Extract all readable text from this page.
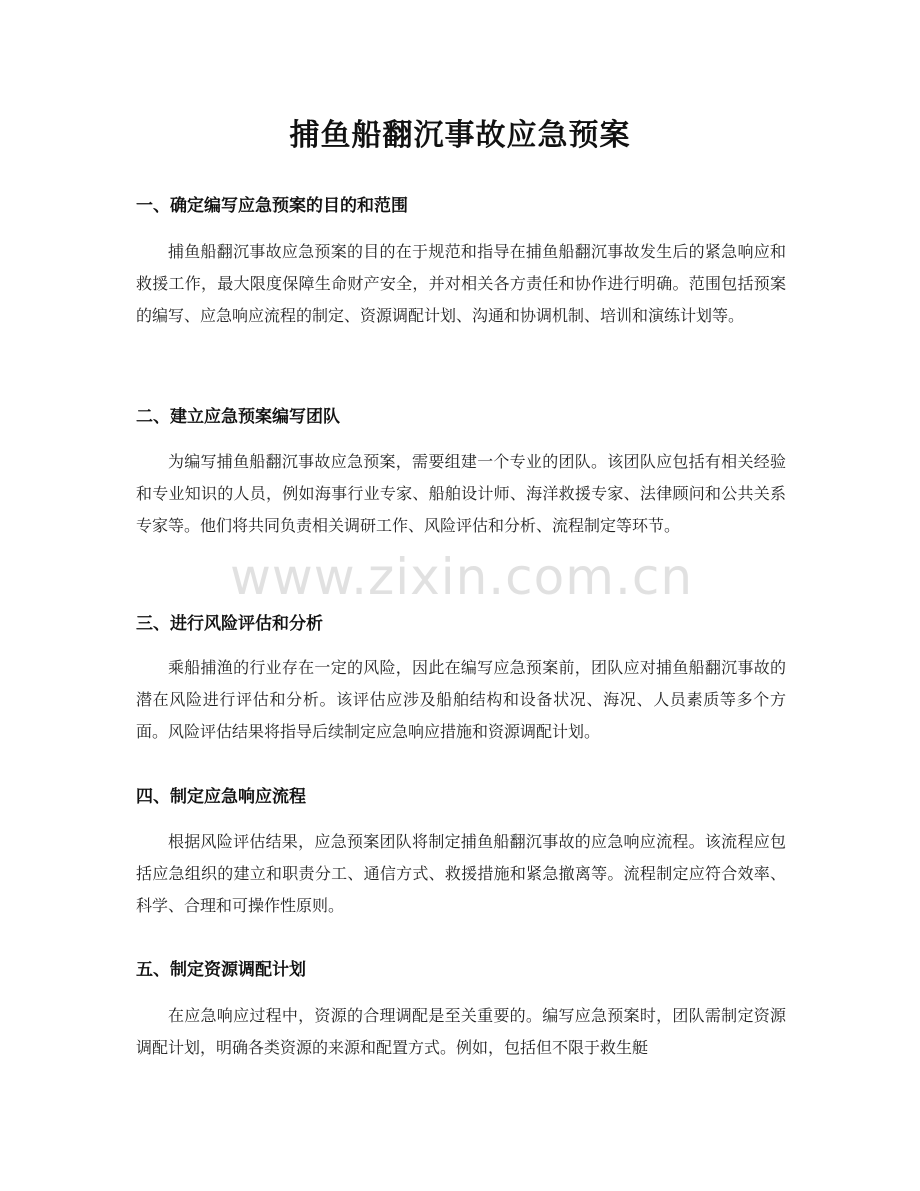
捕鱼船翻沉事故应急预案
一、确定编写应急预案的目的和范围

捕鱼船翻沉事故应急预案的目的在于规范和指导在捕鱼船翻沉事故发生后的紧急响应和救援工作，最大限度保障生命财产安全，并对相关各方责任和协作进行明确。范围包括预案的编写、应急响应流程的制定、资源调配计划、沟通和协调机制、培训和演练计划等。

二、建立应急预案编写团队

为编写捕鱼船翻沉事故应急预案，需要组建一个专业的团队。该团队应包括有相关经验和专业知识的人员，例如海事行业专家、船舶设计师、海洋救援专家、法律顾问和公共关系专家等。他们将共同负责相关调研工作、风险评估和分析、流程制定等环节。

三、进行风险评估和分析

乘船捕渔的行业存在一定的风险，因此在编写应急预案前，团队应对捕鱼船翻沉事故的潜在风险进行评估和分析。该评估应涉及船舶结构和设备状况、海况、人员素质等多个方面。风险评估结果将指导后续制定应急响应措施和资源调配计划。

四、制定应急响应流程

根据风险评估结果，应急预案团队将制定捕鱼船翻沉事故的应急响应流程。该流程应包括应急组织的建立和职责分工、通信方式、救援措施和紧急撤离等。流程制定应符合效率、科学、合理和可操作性原则。

五、制定资源调配计划

在应急响应过程中，资源的合理调配是至关重要的。编写应急预案时，团队需制定资源调配计划，明确各类资源的来源和配置方式。例如，包括但不限于救生艇

www.zixin.com.cn
